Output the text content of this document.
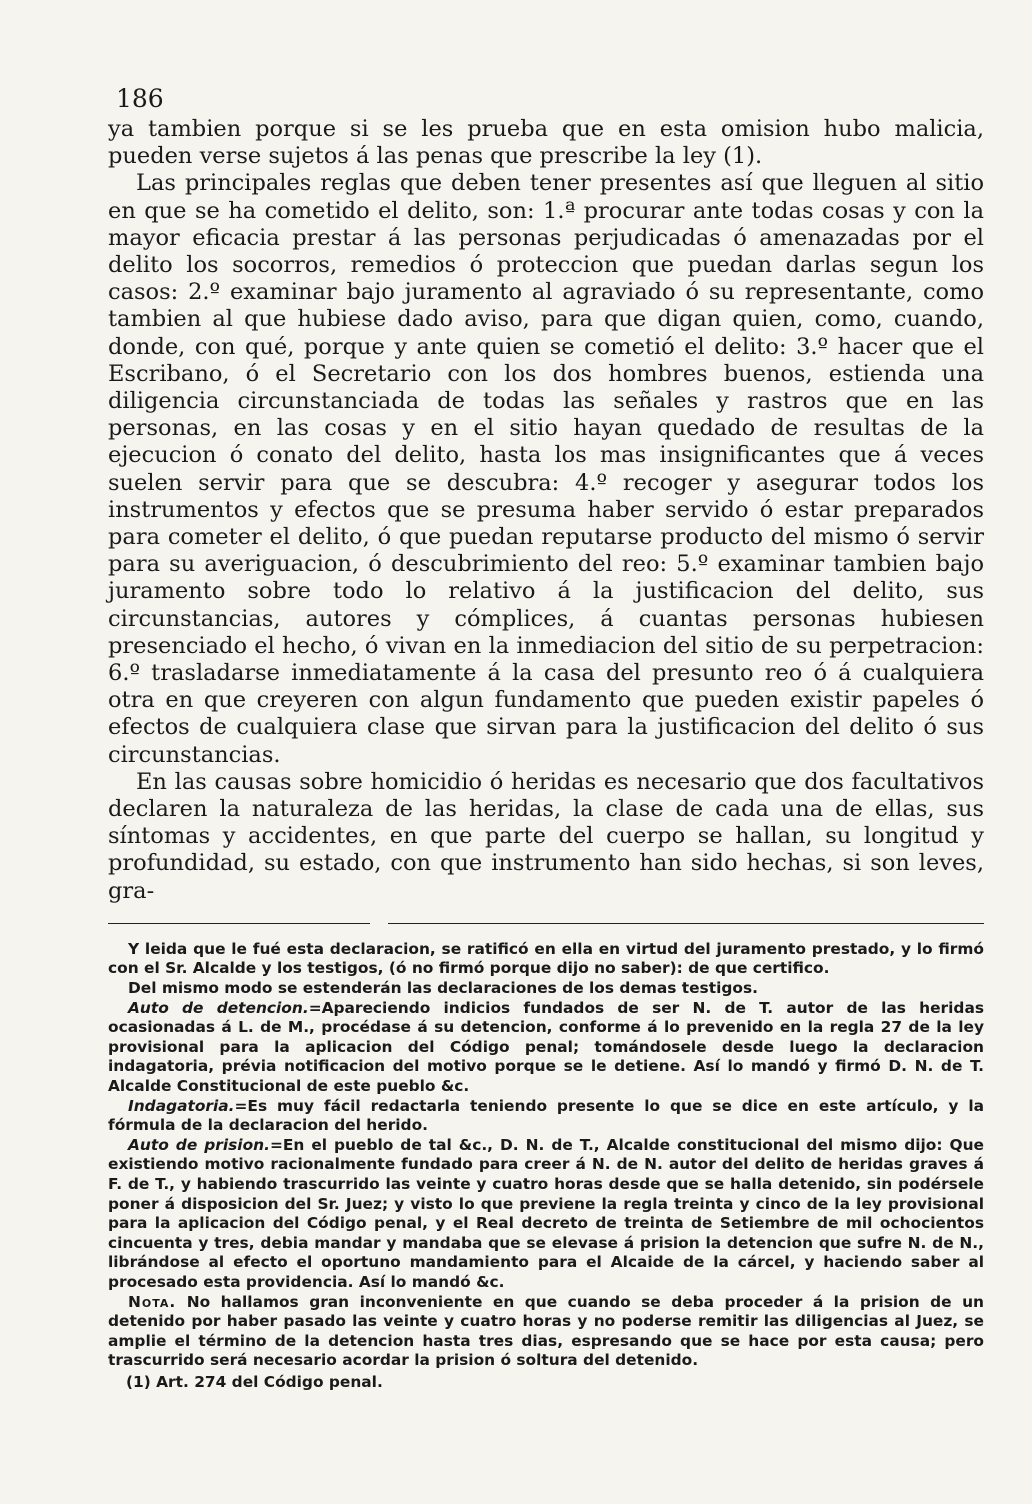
186

ya tambien porque si se les prueba que en esta omision hubo malicia, pueden verse sujetos á las penas que prescribe la ley (1).

Las principales reglas que deben tener presentes así que lleguen al sitio en que se ha cometido el delito, son: 1.ª procurar ante todas cosas y con la mayor eficacia prestar á las personas perjudicadas ó amenazadas por el delito los socorros, remedios ó proteccion que puedan darlas segun los casos: 2.º examinar bajo juramento al agraviado ó su representante, como tambien al que hubiese dado aviso, para que digan quien, como, cuando, donde, con qué, porque y ante quien se cometió el delito: 3.º hacer que el Escribano, ó el Secretario con los dos hombres buenos, estienda una diligencia circunstanciada de todas las señales y rastros que en las personas, en las cosas y en el sitio hayan quedado de resultas de la ejecucion ó conato del delito, hasta los mas insignificantes que á veces suelen servir para que se descubra: 4.º recoger y asegurar todos los instrumentos y efectos que se presuma haber servido ó estar preparados para cometer el delito, ó que puedan reputarse producto del mismo ó servir para su averiguacion, ó descubrimiento del reo: 5.º examinar tambien bajo juramento sobre todo lo relativo á la justificacion del delito, sus circunstancias, autores y cómplices, á cuantas personas hubiesen presenciado el hecho, ó vivan en la inmediacion del sitio de su perpetracion: 6.º trasladarse inmediatamente á la casa del presunto reo ó á cualquiera otra en que creyeren con algun fundamento que pueden existir papeles ó efectos de cualquiera clase que sirvan para la justificacion del delito ó sus circunstancias.

En las causas sobre homicidio ó heridas es necesario que dos facultativos declaren la naturaleza de las heridas, la clase de cada una de ellas, sus síntomas y accidentes, en que parte del cuerpo se hallan, su longitud y profundidad, su estado, con que instrumento han sido hechas, si son leves, gra-

Y leida que le fué esta declaracion, se ratificó en ella en virtud del juramento prestado, y lo firmó con el Sr. Alcalde y los testigos, (ó no firmó porque dijo no saber): de que certifico.

Del mismo modo se estenderán las declaraciones de los demas testigos.

Auto de detencion.=Apareciendo indicios fundados de ser N. de T. autor de las heridas ocasionadas á L. de M., procédase á su detencion, conforme á lo prevenido en la regla 27 de la ley provisional para la aplicacion del Código penal; tomándosele desde luego la declaracion indagatoria, prévia notificacion del motivo porque se le detiene. Así lo mandó y firmó D. N. de T. Alcalde Constitucional de este pueblo &c.

Indagatoria.=Es muy fácil redactarla teniendo presente lo que se dice en este artículo, y la fórmula de la declaracion del herido.

Auto de prision.=En el pueblo de tal &c., D. N. de T., Alcalde constitucional del mismo dijo: Que existiendo motivo racionalmente fundado para creer á N. de N. autor del delito de heridas graves á F. de T., y habiendo trascurrido las veinte y cuatro horas desde que se halla detenido, sin podérsele poner á disposicion del Sr. Juez; y visto lo que previene la regla treinta y cinco de la ley provisional para la aplicacion del Código penal, y el Real decreto de treinta de Setiembre de mil ochocientos cincuenta y tres, debia mandar y mandaba que se elevase á prision la detencion que sufre N. de N., librándose al efecto el oportuno mandamiento para el Alcaide de la cárcel, y haciendo saber al procesado esta providencia. Así lo mandó &c.

Nota. No hallamos gran inconveniente en que cuando se deba proceder á la prision de un detenido por haber pasado las veinte y cuatro horas y no poderse remitir las diligencias al Juez, se amplie el término de la detencion hasta tres dias, espresando que se hace por esta causa; pero trascurrido será necesario acordar la prision ó soltura del detenido.

(1) Art. 274 del Código penal.
